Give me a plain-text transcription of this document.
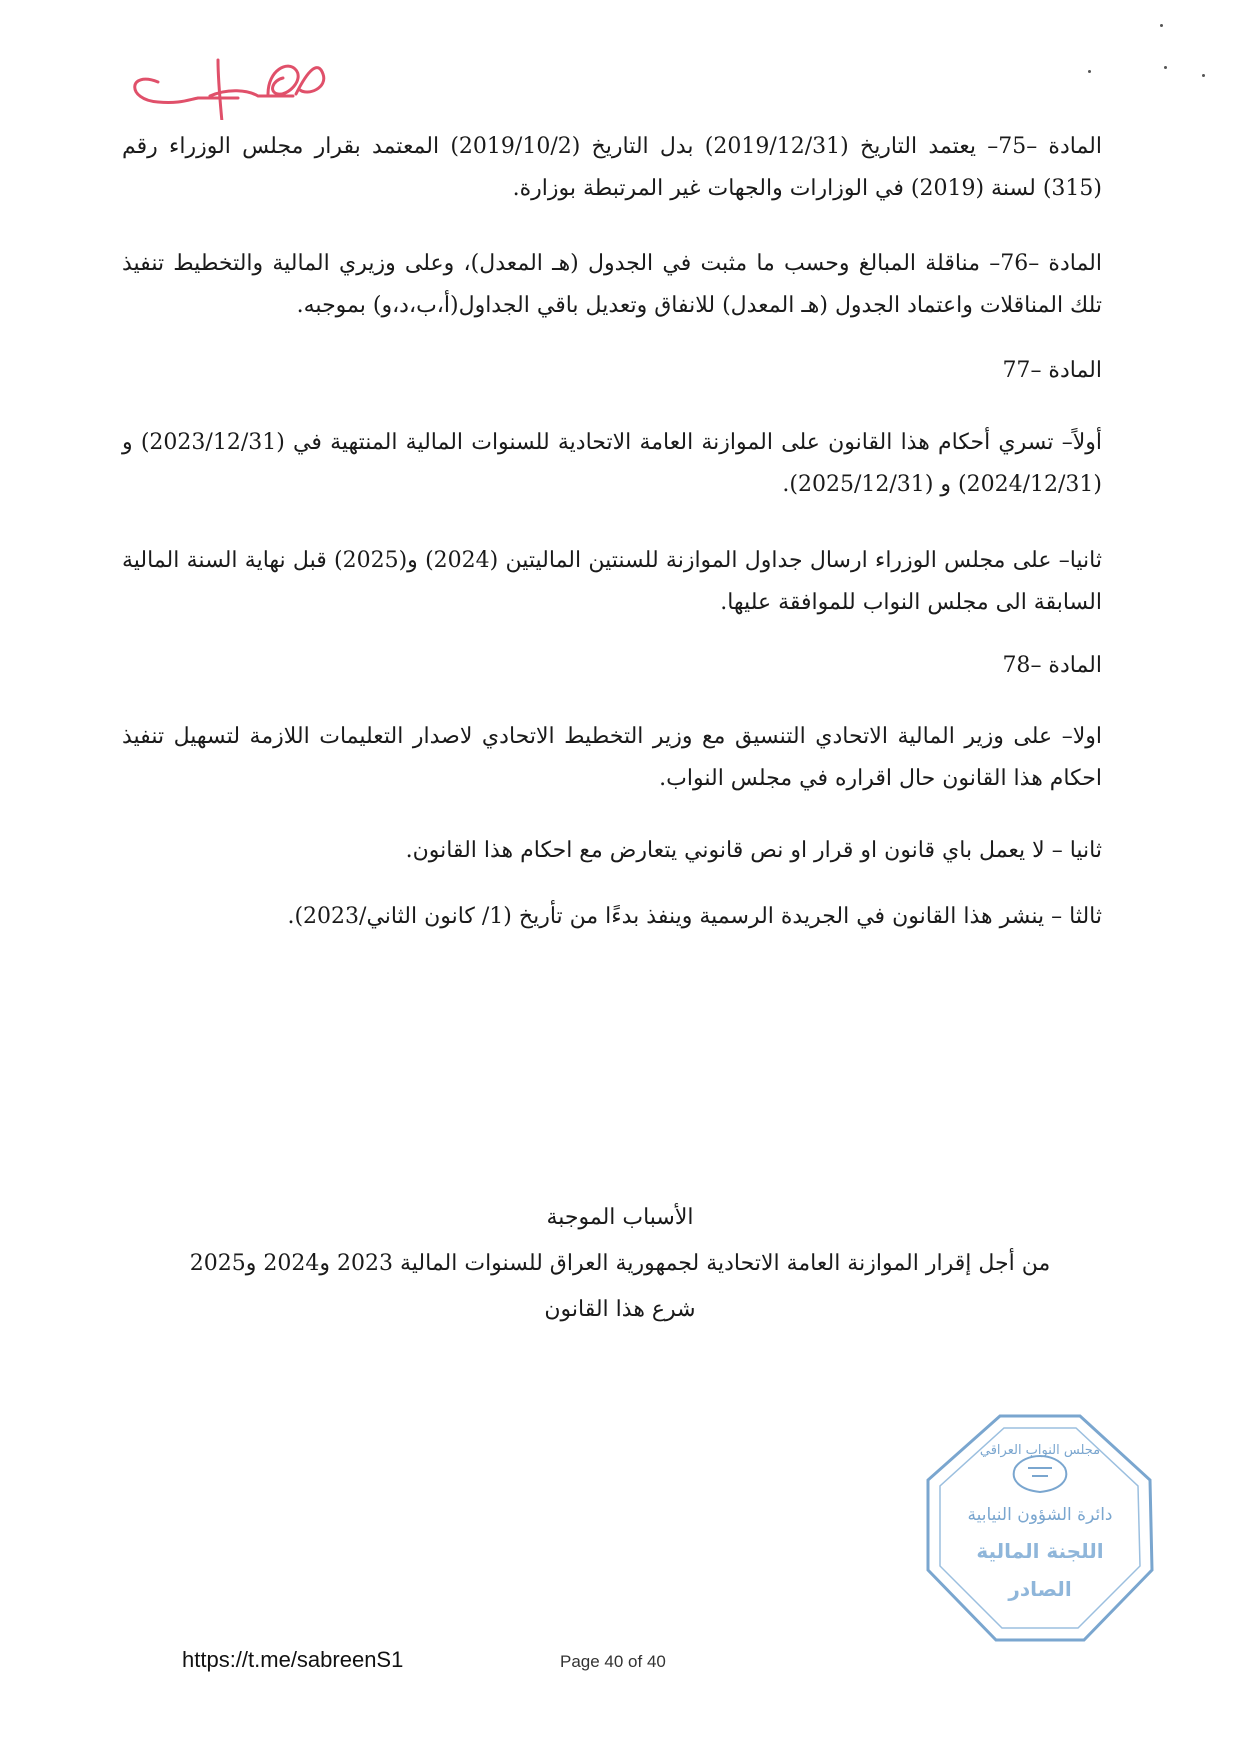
المادة –75– يعتمد التاريخ (2019/12/31) بدل التاريخ (2019/10/2) المعتمد بقرار مجلس الوزراء رقم (315) لسنة (2019) في الوزارات والجهات غير المرتبطة بوزارة.

المادة –76– مناقلة المبالغ وحسب ما مثبت في الجدول (هـ المعدل)، وعلى وزيري المالية والتخطيط تنفيذ تلك المناقلات واعتماد الجدول (هـ المعدل) للانفاق وتعديل باقي الجداول(أ،ب،د،و) بموجبه.

المادة –77

أولاً– تسري أحكام هذا القانون على الموازنة العامة الاتحادية للسنوات المالية المنتهية في (2023/12/31) و (2024/12/31) و (2025/12/31).

ثانيا– على مجلس الوزراء ارسال جداول الموازنة للسنتين الماليتين (2024) و(2025) قبل نهاية السنة المالية السابقة الى مجلس النواب للموافقة عليها.

المادة –78

اولا– على وزير المالية الاتحادي التنسيق مع وزير التخطيط الاتحادي لاصدار التعليمات اللازمة لتسهيل تنفيذ احكام هذا القانون حال اقراره في مجلس النواب.

ثانيا – لا يعمل باي قانون او قرار او نص قانوني يتعارض مع احكام هذا القانون.

ثالثا – ينشر هذا القانون في الجريدة الرسمية وينفذ بدءًا من تأريخ (1/ كانون الثاني/2023).

الأسباب الموجبة
من أجل إقرار الموازنة العامة الاتحادية لجمهورية العراق للسنوات المالية 2023 و2024 و2025
شرع هذا القانون
مجلس النواب العراقي
دائرة الشؤون النيابية
اللجنة المالية
الصادر
https://t.me/sabreenS1	Page 40 of 40
